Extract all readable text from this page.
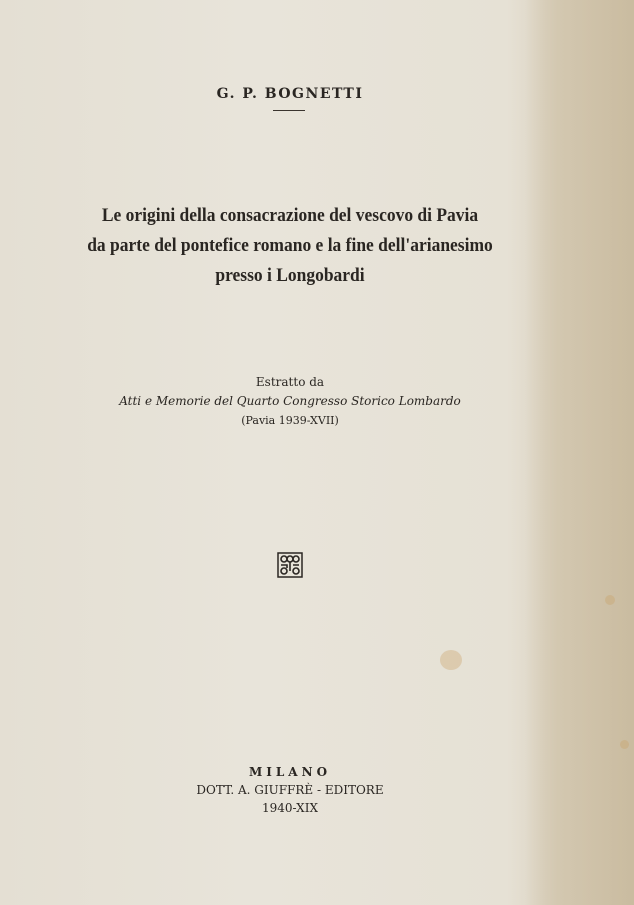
G. P. BOGNETTI
Le origini della consacrazione del vescovo di Pavia
da parte del pontefice romano e la fine dell'arianesimo
presso i Longobardi
Estratto da
Atti e Memorie del Quarto Congresso Storico Lombardo
(Pavia 1939-XVII)
MILANO
DOTT. A. GIUFFRÈ - EDITORE
1940-XIX
